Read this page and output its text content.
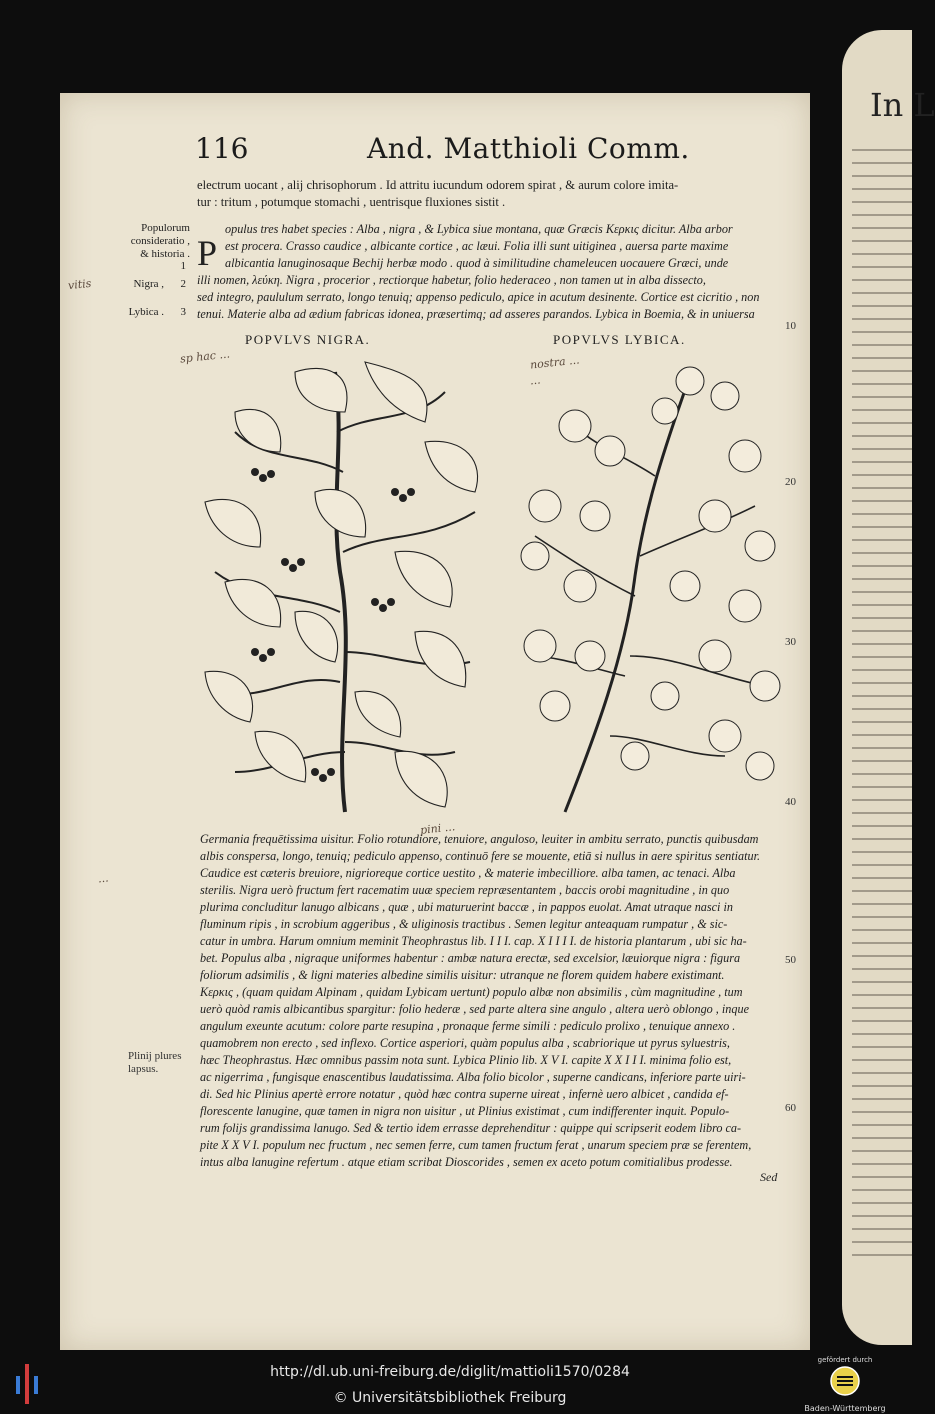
In L
116	And. Matthioli Comm.
electrum uocant , alij chrisophorum . Id attritu iucundum odorem spirat , & aurum colore imita-
tur : tritum , potumque stomachi , uentrisque fluxiones sistit .
P
opulus tres habet species : Alba , nigra , & Lybica siue montana, quæ Græcis Κερκις dicitur. Alba arbor
est procera. Crasso caudice , albicante cortice , ac læui. Folia illi sunt uitiginea , auersa parte maxime
albicantia lanuginosaque Bechij herbæ modo . quod à similitudine chameleucen uocauere Græci, unde
illi nomen, λεύκη. Nigra , procerior , rectiorque habetur, folio hederaceo , non tamen ut in alba dissecto,
sed integro, paululum serrato, longo tenuiq; appenso pediculo, apice in acutum desinente. Cortice est cicritio , non
tenui. Materie alba ad ædium fabricas idonea, præsertimq; ad asseres parandos. Lybica in Boemia, & in uniuersa
Populorum
consideratio ,
& historia .
1
Nigra ,	2
Lybica .	3
Plinij plures
lapsus.
vitis
sp hac ...	nostra ...
pini ...
...
...
10
20
30
40
50
60
POPVLVS NIGRA.	POPVLVS LYBICA.
Germania frequētissima uisitur. Folio rotundiore, tenuiore, anguloso, leuiter in ambitu serrato, punctis quibusdam
albis conspersa, longo, tenuiq; pediculo appenso, continuō fere se mouente, etiā si nullus in aere spiritus sentiatur.
Caudice est cæteris breuiore, nigrioreque cortice uestito , & materie imbecilliore. alba tamen, ac tenaci. Alba
sterilis. Nigra uerò fructum fert racematim uuæ speciem repræsentantem , baccis orobi magnitudine , in quo
plurima concluditur lanugo albicans , quæ , ubi maturuerint baccæ , in pappos euolat. Amat utraque nasci in
fluminum ripis , in scrobium aggeribus , & uliginosis tractibus . Semen legitur anteaquam rumpatur , & sic-
catur in umbra. Harum omnium meminit Theophrastus lib. I I I. cap. X I I I I. de historia plantarum , ubi sic ha-
bet. Populus alba , nigraque uniformes habentur : ambæ natura erectæ, sed excelsior, læuiorque nigra : figura
foliorum adsimilis , & ligni materies albedine similis uisitur: utranque ne florem quidem habere existimant.
Κερκις , (quam quidam Alpinam , quidam Lybicam uertunt) populo albæ non absimilis , cùm magnitudine , tum
uerò quòd ramis albicantibus spargitur: folio hederæ , sed parte altera sine angulo , altera uerò oblongo , inque
angulum exeunte acutum: colore parte resupina , pronaque ferme simili : pediculo prolixo , tenuique annexo .
quamobrem non erecto , sed inflexo. Cortice asperiori, quàm populus alba , scabriorique ut pyrus syluestris,
hæc Theophrastus. Hæc omnibus passim nota sunt. Lybica Plinio lib. X V I. capite X X I I I. minima folio est,
ac nigerrima , fungisque enascentibus laudatissima. Alba folio bicolor , superne candicans, inferiore parte uiri-
di. Sed hic Plinius apertè errore notatur , quòd hæc contra superne uireat , infernè uero albicet , candida ef-
florescente lanugine, quæ tamen in nigra non uisitur , ut Plinius existimat , cum indifferenter inquit. Populo-
rum folijs grandissima lanugo. Sed & tertio idem errasse deprehenditur : quippe qui scripserit eodem libro ca-
pite X X V I. populum nec fructum , nec semen ferre, cum tamen fructum ferat , unarum speciem præ se ferentem,
intus alba lanugine refertum . atque etiam scribat Dioscorides , semen ex aceto potum comitialibus prodesse.
Sed
http://dl.ub.uni-freiburg.de/diglit/mattioli1570/0284
© Universitätsbibliothek Freiburg
gefördert durch
Baden-Württemberg
